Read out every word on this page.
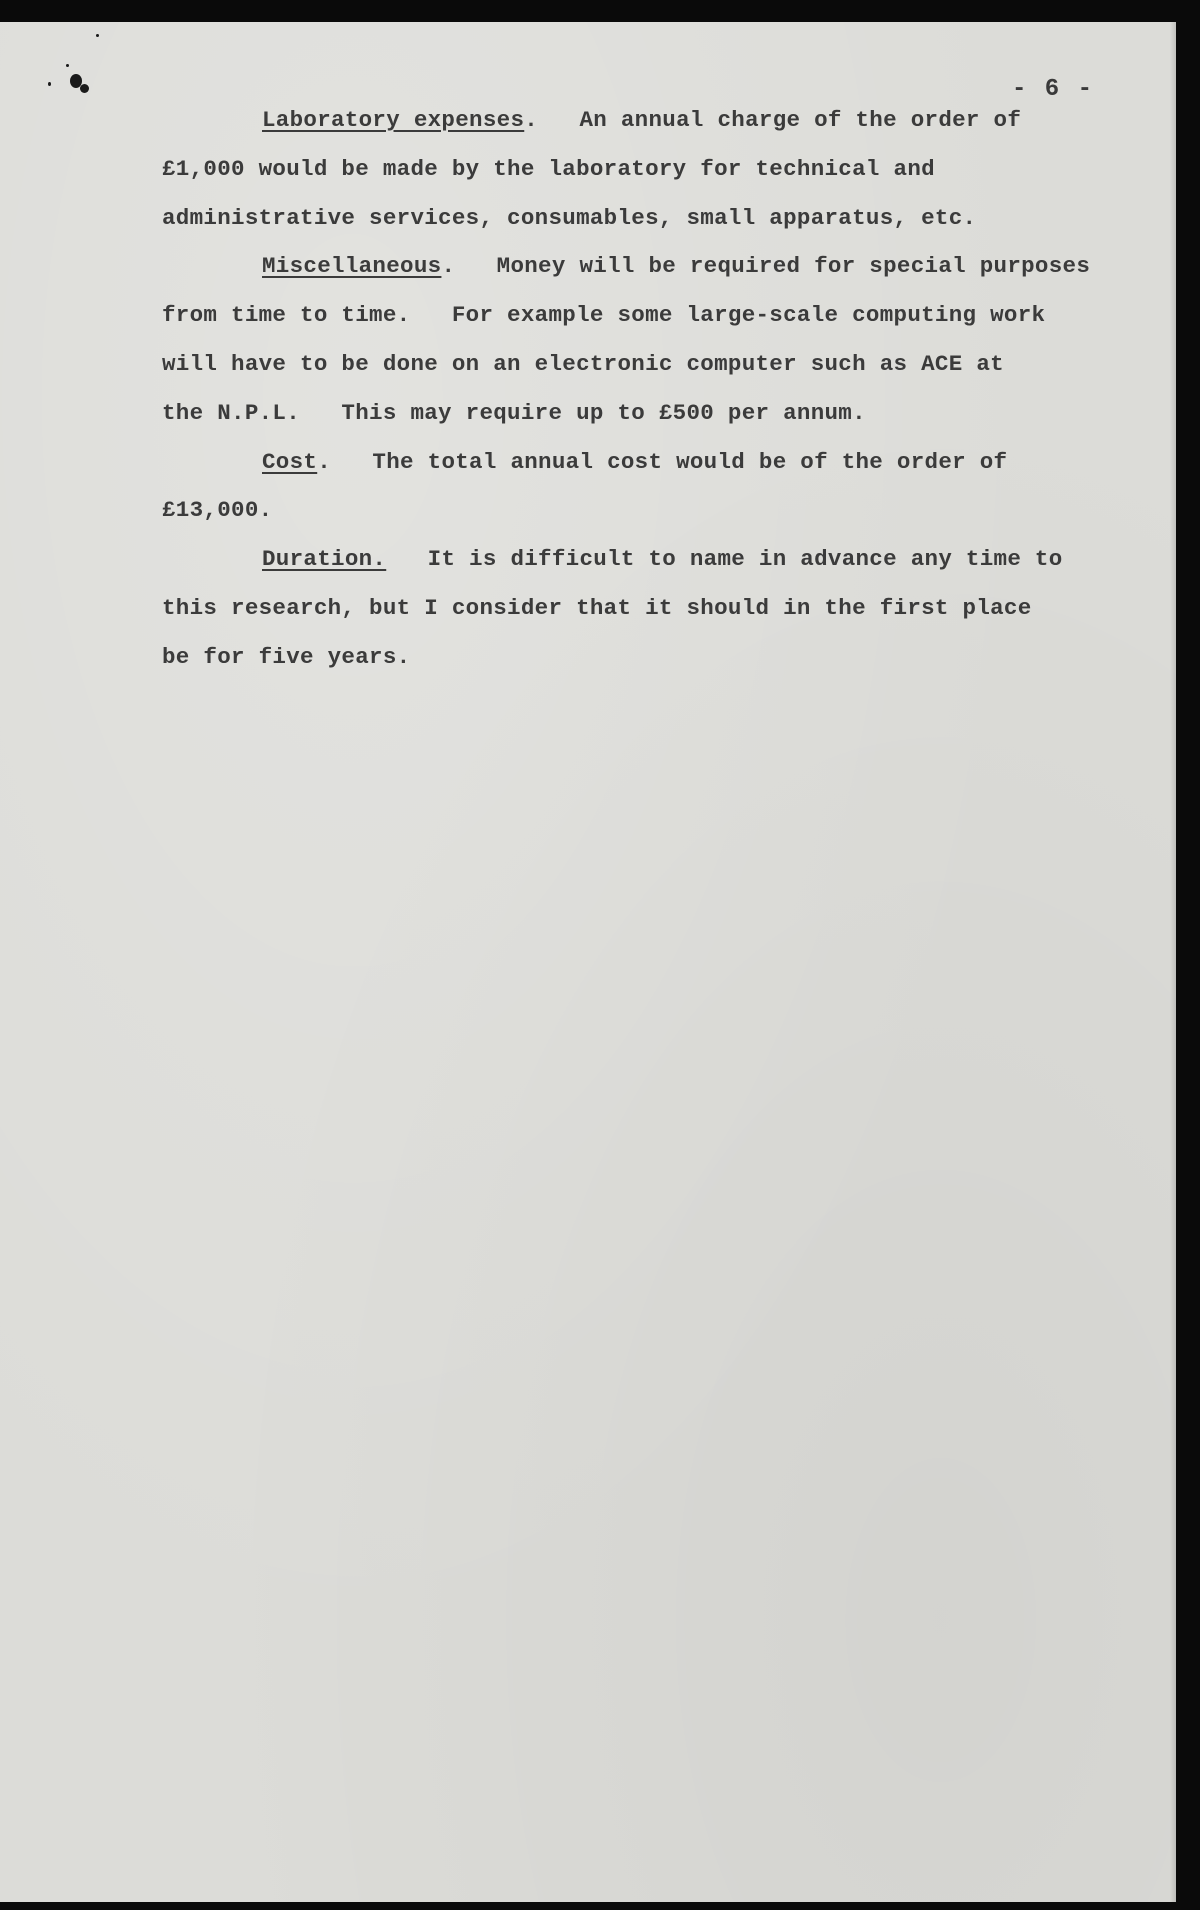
- 6 -
Laboratory expenses.   An annual charge of the order of
£1,000 would be made by the laboratory for technical and
administrative services, consumables, small apparatus, etc.
Miscellaneous.   Money will be required for special purposes
from time to time.   For example some large-scale computing work
will have to be done on an electronic computer such as ACE at
the N.P.L.   This may require up to £500 per annum.
Cost.   The total annual cost would be of the order of
£13,000.
Duration.   It is difficult to name in advance any time to
this research, but I consider that it should in the first place
be for five years.
